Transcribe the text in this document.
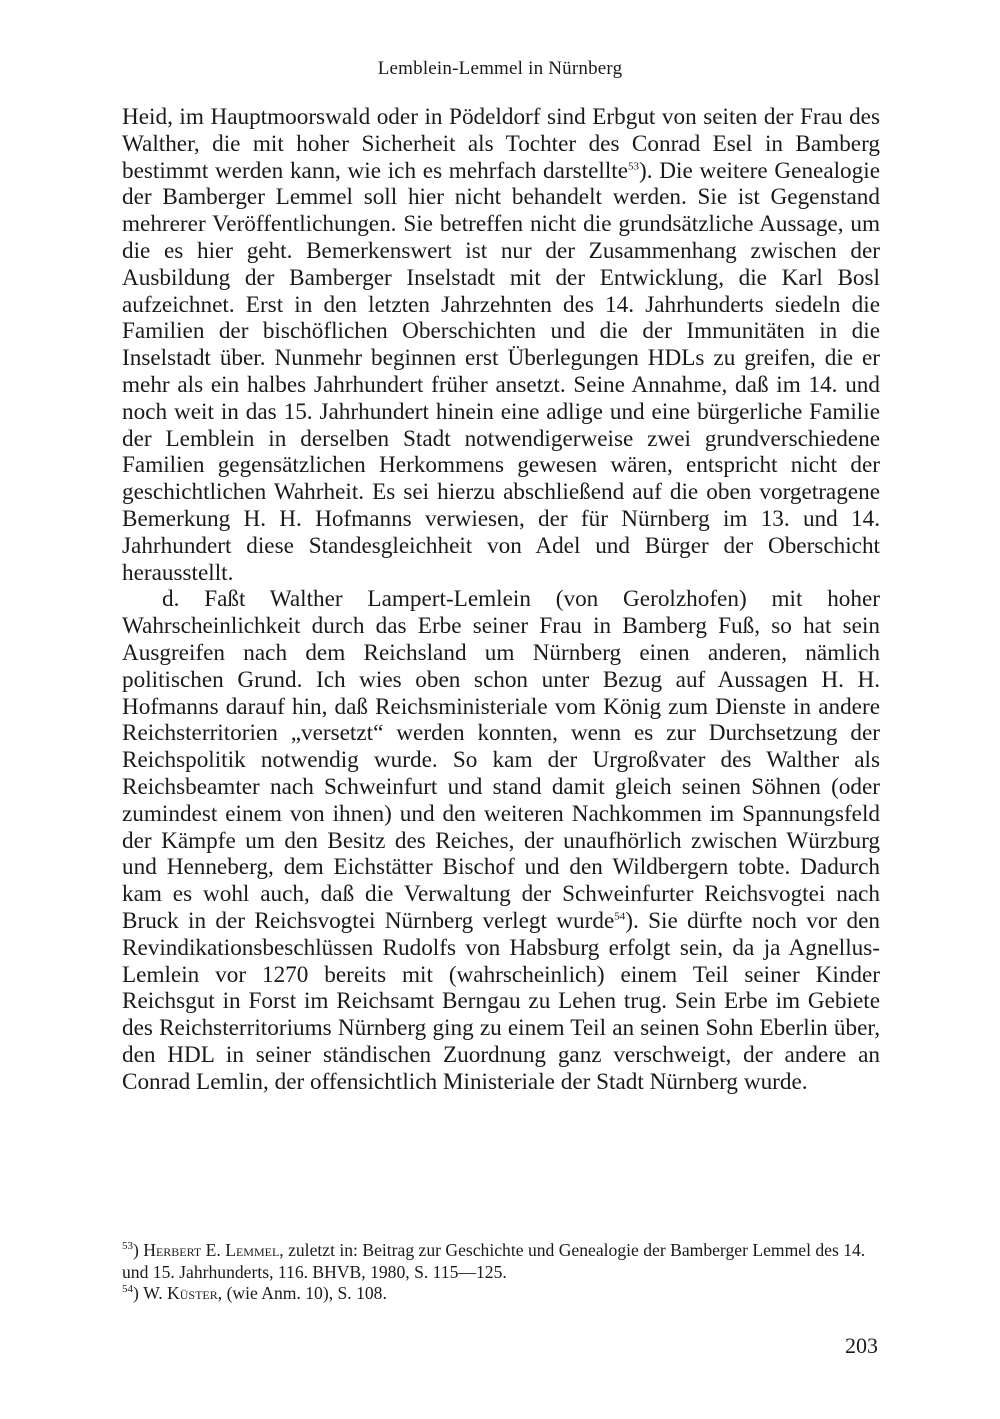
Lemblein-Lemmel in Nürnberg

Heid, im Hauptmoorswald oder in Pödeldorf sind Erbgut von seiten der Frau des Walther, die mit hoher Sicherheit als Tochter des Conrad Esel in Bamberg bestimmt werden kann, wie ich es mehrfach darstellte$^{53}$). Die weitere Genealogie der Bamberger Lemmel soll hier nicht behandelt werden. Sie ist Gegenstand mehrerer Veröffentlichungen. Sie betreffen nicht die grundsätzliche Aussage, um die es hier geht. Bemerkenswert ist nur der Zusammenhang zwischen der Ausbildung der Bamberger Inselstadt mit der Entwicklung, die Karl Bosl aufzeichnet. Erst in den letzten Jahrzehnten des 14. Jahrhunderts siedeln die Familien der bischöflichen Oberschichten und die der Immunitäten in die Inselstadt über. Nunmehr beginnen erst Überlegungen HDLs zu greifen, die er mehr als ein halbes Jahrhundert früher ansetzt. Seine Annahme, daß im 14. und noch weit in das 15. Jahrhundert hinein eine adlige und eine bürgerliche Familie der Lemblein in derselben Stadt notwendigerweise zwei grundverschiedene Familien gegensätzlichen Herkommens gewesen wären, entspricht nicht der geschichtlichen Wahrheit. Es sei hierzu abschließend auf die oben vorgetragene Bemerkung H. H. Hofmanns verwiesen, der für Nürnberg im 13. und 14. Jahrhundert diese Standesgleichheit von Adel und Bürger der Oberschicht herausstellt.

d. Faßt Walther Lampert-Lemlein (von Gerolzhofen) mit hoher Wahrscheinlichkeit durch das Erbe seiner Frau in Bamberg Fuß, so hat sein Ausgreifen nach dem Reichsland um Nürnberg einen anderen, nämlich politischen Grund. Ich wies oben schon unter Bezug auf Aussagen H. H. Hofmanns darauf hin, daß Reichsministeriale vom König zum Dienste in andere Reichsterritorien „versetzt“ werden konnten, wenn es zur Durchsetzung der Reichspolitik notwendig wurde. So kam der Urgroßvater des Walther als Reichsbeamter nach Schweinfurt und stand damit gleich seinen Söhnen (oder zumindest einem von ihnen) und den weiteren Nachkommen im Spannungsfeld der Kämpfe um den Besitz des Reiches, der unaufhörlich zwischen Würzburg und Henneberg, dem Eichstätter Bischof und den Wildbergern tobte. Dadurch kam es wohl auch, daß die Verwaltung der Schweinfurter Reichsvogtei nach Bruck in der Reichsvogtei Nürnberg verlegt wurde$^{54}$). Sie dürfte noch vor den Revindikationsbeschlüssen Rudolfs von Habsburg erfolgt sein, da ja Agnellus-Lemlein vor 1270 bereits mit (wahrscheinlich) einem Teil seiner Kinder Reichsgut in Forst im Reichsamt Berngau zu Lehen trug. Sein Erbe im Gebiete des Reichsterritoriums Nürnberg ging zu einem Teil an seinen Sohn Eberlin über, den HDL in seiner ständischen Zuordnung ganz verschweigt, der andere an Conrad Lemlin, der offensichtlich Ministeriale der Stadt Nürnberg wurde.

$^{53}$) Herbert E. Lemmel, zuletzt in: Beitrag zur Geschichte und Genealogie der Bamberger Lemmel des 14. und 15. Jahrhunderts, 116. BHVB, 1980, S. 115—125.

$^{54}$) W. Küster, (wie Anm. 10), S. 108.

203
